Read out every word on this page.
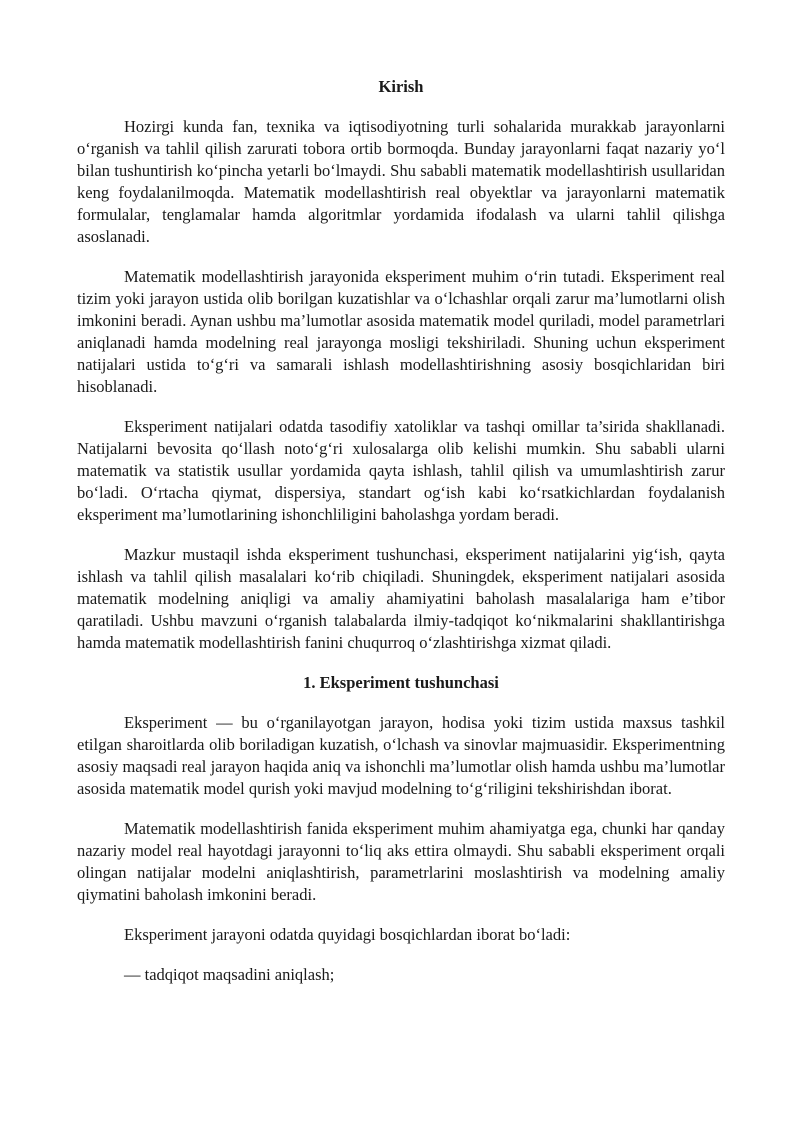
Kirish

Hozirgi kunda fan, texnika va iqtisodiyotning turli sohalarida murakkab jarayonlarni o‘rganish va tahlil qilish zarurati tobora ortib bormoqda. Bunday jarayonlarni faqat nazariy yo‘l bilan tushuntirish ko‘pincha yetarli bo‘lmaydi. Shu sababli matematik modellashtirish usullaridan keng foydalanilmoqda. Matematik modellashtirish real obyektlar va jarayonlarni matematik formulalar, tenglamalar hamda algoritmlar yordamida ifodalash va ularni tahlil qilishga asoslanadi.

Matematik modellashtirish jarayonida eksperiment muhim o‘rin tutadi. Eksperiment real tizim yoki jarayon ustida olib borilgan kuzatishlar va o‘lchashlar orqali zarur ma’lumotlarni olish imkonini beradi. Aynan ushbu ma’lumotlar asosida matematik model quriladi, model parametrlari aniqlanadi hamda modelning real jarayonga mosligi tekshiriladi. Shuning uchun eksperiment natijalari ustida to‘g‘ri va samarali ishlash modellashtirishning asosiy bosqichlaridan biri hisoblanadi.

Eksperiment natijalari odatda tasodifiy xatoliklar va tashqi omillar ta’sirida shakllanadi. Natijalarni bevosita qo‘llash noto‘g‘ri xulosalarga olib kelishi mumkin. Shu sababli ularni matematik va statistik usullar yordamida qayta ishlash, tahlil qilish va umumlashtirish zarur bo‘ladi. O‘rtacha qiymat, dispersiya, standart og‘ish kabi ko‘rsatkichlardan foydalanish eksperiment ma’lumotlarining ishonchliligini baholashga yordam beradi.

Mazkur mustaqil ishda eksperiment tushunchasi, eksperiment natijalarini yig‘ish, qayta ishlash va tahlil qilish masalalari ko‘rib chiqiladi. Shuningdek, eksperiment natijalari asosida matematik modelning aniqligi va amaliy ahamiyatini baholash masalalariga ham e’tibor qaratiladi. Ushbu mavzuni o‘rganish talabalarda ilmiy-tadqiqot ko‘nikmalarini shakllantirishga hamda matematik modellashtirish fanini chuqurroq o‘zlashtirishga xizmat qiladi.

1. Eksperiment tushunchasi

Eksperiment — bu o‘rganilayotgan jarayon, hodisa yoki tizim ustida maxsus tashkil etilgan sharoitlarda olib boriladigan kuzatish, o‘lchash va sinovlar majmuasidir. Eksperimentning asosiy maqsadi real jarayon haqida aniq va ishonchli ma’lumotlar olish hamda ushbu ma’lumotlar asosida matematik model qurish yoki mavjud modelning to‘g‘riligini tekshirishdan iborat.

Matematik modellashtirish fanida eksperiment muhim ahamiyatga ega, chunki har qanday nazariy model real hayotdagi jarayonni to‘liq aks ettira olmaydi. Shu sababli eksperiment orqali olingan natijalar modelni aniqlashtirish, parametrlarini moslashtirish va modelning amaliy qiymatini baholash imkonini beradi.

Eksperiment jarayoni odatda quyidagi bosqichlardan iborat bo‘ladi:

— tadqiqot maqsadini aniqlash;
